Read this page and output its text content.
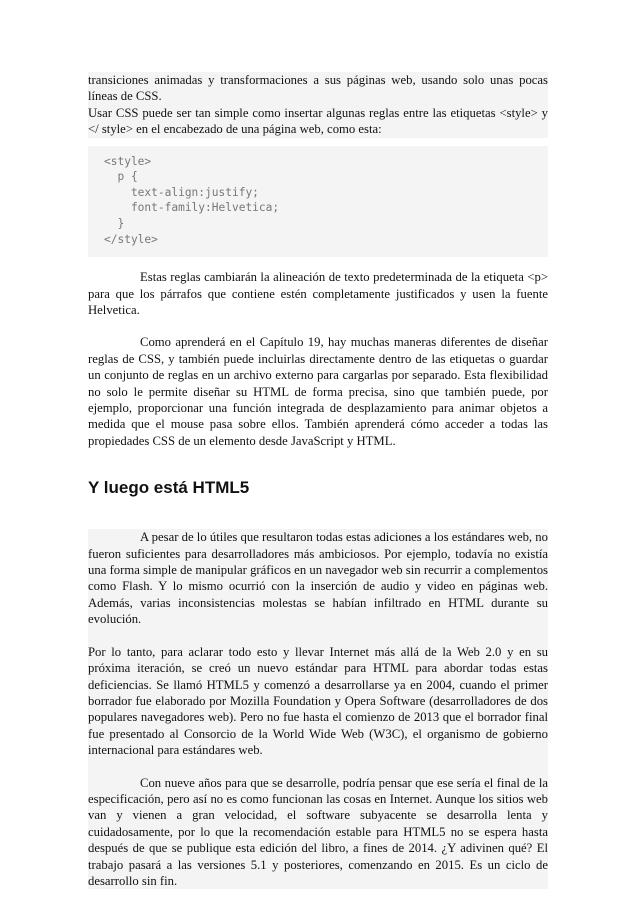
transiciones animadas y transformaciones a sus páginas web, usando solo unas pocas líneas de CSS.

Usar CSS puede ser tan simple como insertar algunas reglas entre las etiquetas <style> y </ style> en el encabezado de una página web, como esta:

<style>
p {
text-align:justify;
font-family:Helvetica;
}
</style>

Estas reglas cambiarán la alineación de texto predeterminada de la etiqueta <p> para que los párrafos que contiene estén completamente justificados y usen la fuente Helvetica.

Como aprenderá en el Capítulo 19, hay muchas maneras diferentes de diseñar reglas de CSS, y también puede incluirlas directamente dentro de las etiquetas o guardar un conjunto de reglas en un archivo externo para cargarlas por separado. Esta flexibilidad no solo le permite diseñar su HTML de forma precisa, sino que también puede, por ejemplo, proporcionar una función integrada de desplazamiento para animar objetos a medida que el mouse pasa sobre ellos. También aprenderá cómo acceder a todas las propiedades CSS de un elemento desde JavaScript y HTML.

Y luego está HTML5

A pesar de lo útiles que resultaron todas estas adiciones a los estándares web, no fueron suficientes para desarrolladores más ambiciosos. Por ejemplo, todavía no existía una forma simple de manipular gráficos en un navegador web sin recurrir a complementos como Flash. Y lo mismo ocurrió con la inserción de audio y video en páginas web. Además, varias inconsistencias molestas se habían infiltrado en HTML durante su evolución.

Por lo tanto, para aclarar todo esto y llevar Internet más allá de la Web 2.0 y en su próxima iteración, se creó un nuevo estándar para HTML para abordar todas estas deficiencias. Se llamó HTML5 y comenzó a desarrollarse ya en 2004, cuando el primer borrador fue elaborado por Mozilla Foundation y Opera Software (desarrolladores de dos populares navegadores web). Pero no fue hasta el comienzo de 2013 que el borrador final fue presentado al Consorcio de la World Wide Web (W3C), el organismo de gobierno internacional para estándares web.

Con nueve años para que se desarrolle, podría pensar que ese sería el final de la especificación, pero así no es como funcionan las cosas en Internet. Aunque los sitios web van y vienen a gran velocidad, el software subyacente se desarrolla lenta y cuidadosamente, por lo que la recomendación estable para HTML5 no se espera hasta después de que se publique esta edición del libro, a fines de 2014. ¿Y adivinen qué? El trabajo pasará a las versiones 5.1 y posteriores, comenzando en 2015. Es un ciclo de desarrollo sin fin.
